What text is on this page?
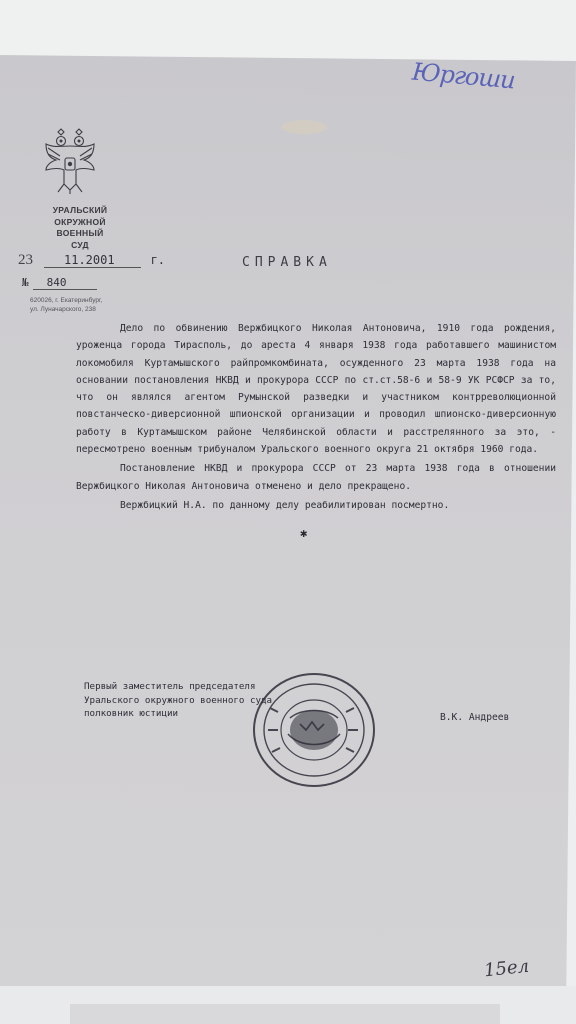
Юргоши
УРАЛЬСКИЙ
ОКРУЖНОЙ ВОЕННЫЙ
СУД
23	11.2001	г.
№ 840
620026, г. Екатеринбург,
ул. Луначарского, 238
СПРАВКА

Дело по обвинению Вержбицкого Николая Антоновича, 1910 года рождения, уроженца города Тирасполь, до ареста 4 января 1938 года работавшего машинистом локомобиля Куртамышского райпромкомбината, осужденного 23 марта 1938 года на основании постановления НКВД и прокурора СССР по ст.ст.58-6 и 58-9 УК РСФСР за то, что он являлся агентом Румынской разведки и участником контрреволюционной повстанческо-диверсионной шпионской организации и проводил шпионско-диверсионную работу в Куртамышском районе Челябинской области и расстрелянного за это, - пересмотрено военным трибуналом Уральского военного округа 21 октября 1960 года.

Постановление НКВД и прокурора СССР от 23 марта 1938 года в отношении Вержбицкого Николая Антоновича отменено и дело прекращено.

Вержбицкий Н.А. по данному делу реабилитирован посмертно.

✱
Первый заместитель председателя
Уральского окружного военного суда
полковник юстиции	В.К. Андреев
15ел
